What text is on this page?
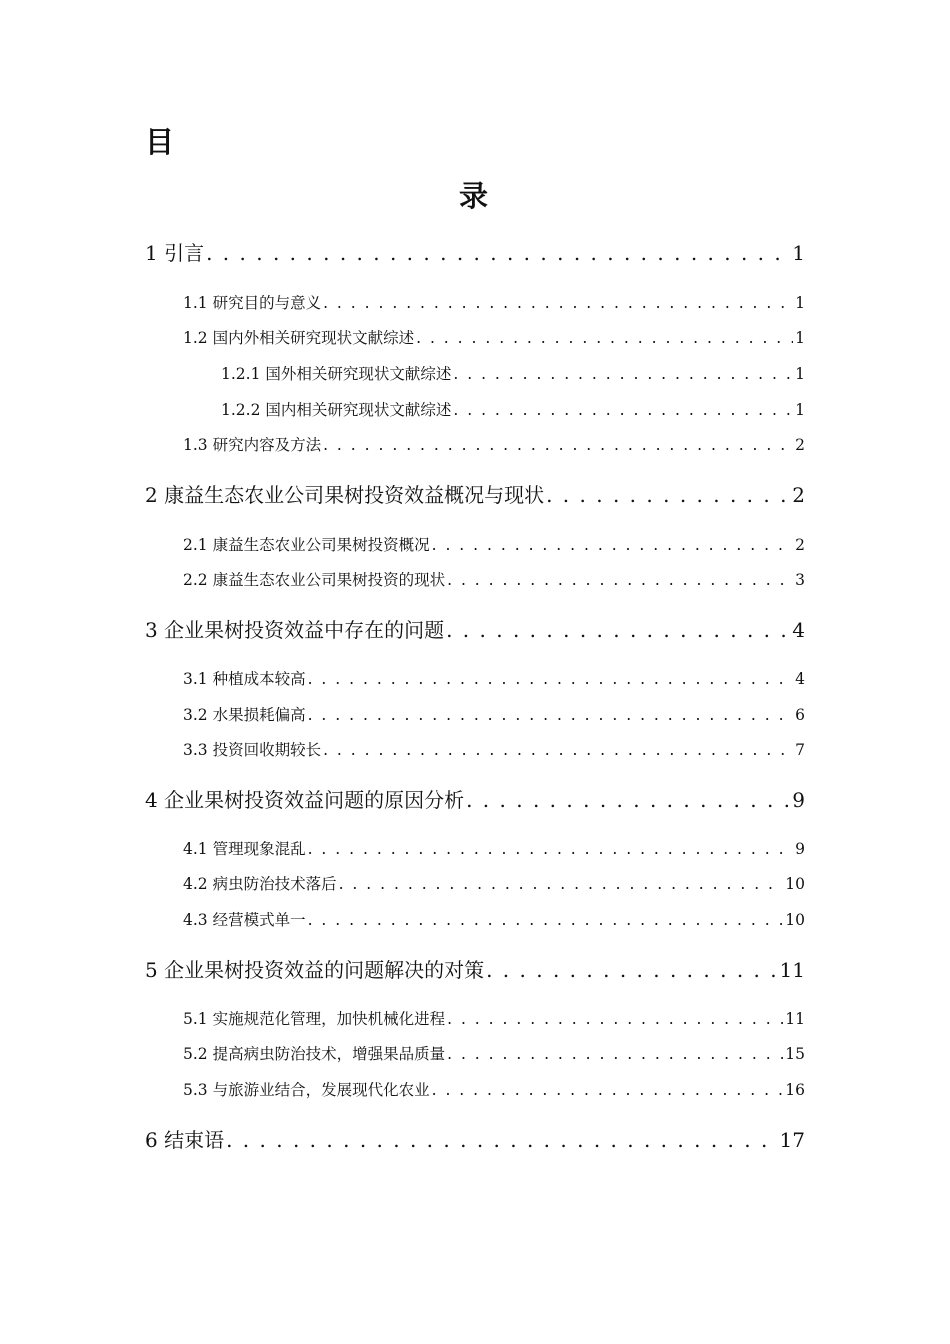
目
录
1 引言 . . .	1
1.1 研究目的与意义 . . .	1
1.2 国内外相关研究现状文献综述 . . .	1
1.2.1 国外相关研究现状文献综述 . . .	1
1.2.2 国内相关研究现状文献综述 . . .	1
1.3 研究内容及方法 . . .	2
2 康益生态农业公司果树投资效益概况与现状 . . .	2
2.1 康益生态农业公司果树投资概况 . . .	2
2.2 康益生态农业公司果树投资的现状 . . .	3
3 企业果树投资效益中存在的问题 . . .	4
3.1 种植成本较高 . . .	4
3.2 水果损耗偏高 . . .	6
3.3 投资回收期较长 . . .	7
4 企业果树投资效益问题的原因分析 . . .	9
4.1 管理现象混乱 . . .	9
4.2 病虫防治技术落后 . . .	10
4.3 经营模式单一 . . .	10
5 企业果树投资效益的问题解决的对策 . . .	11
5.1 实施规范化管理，加快机械化进程 . . .	11
5.2 提高病虫防治技术，增强果品质量 . . .	15
5.3 与旅游业结合，发展现代化农业 . . .	16
6 结束语 . . .	17
